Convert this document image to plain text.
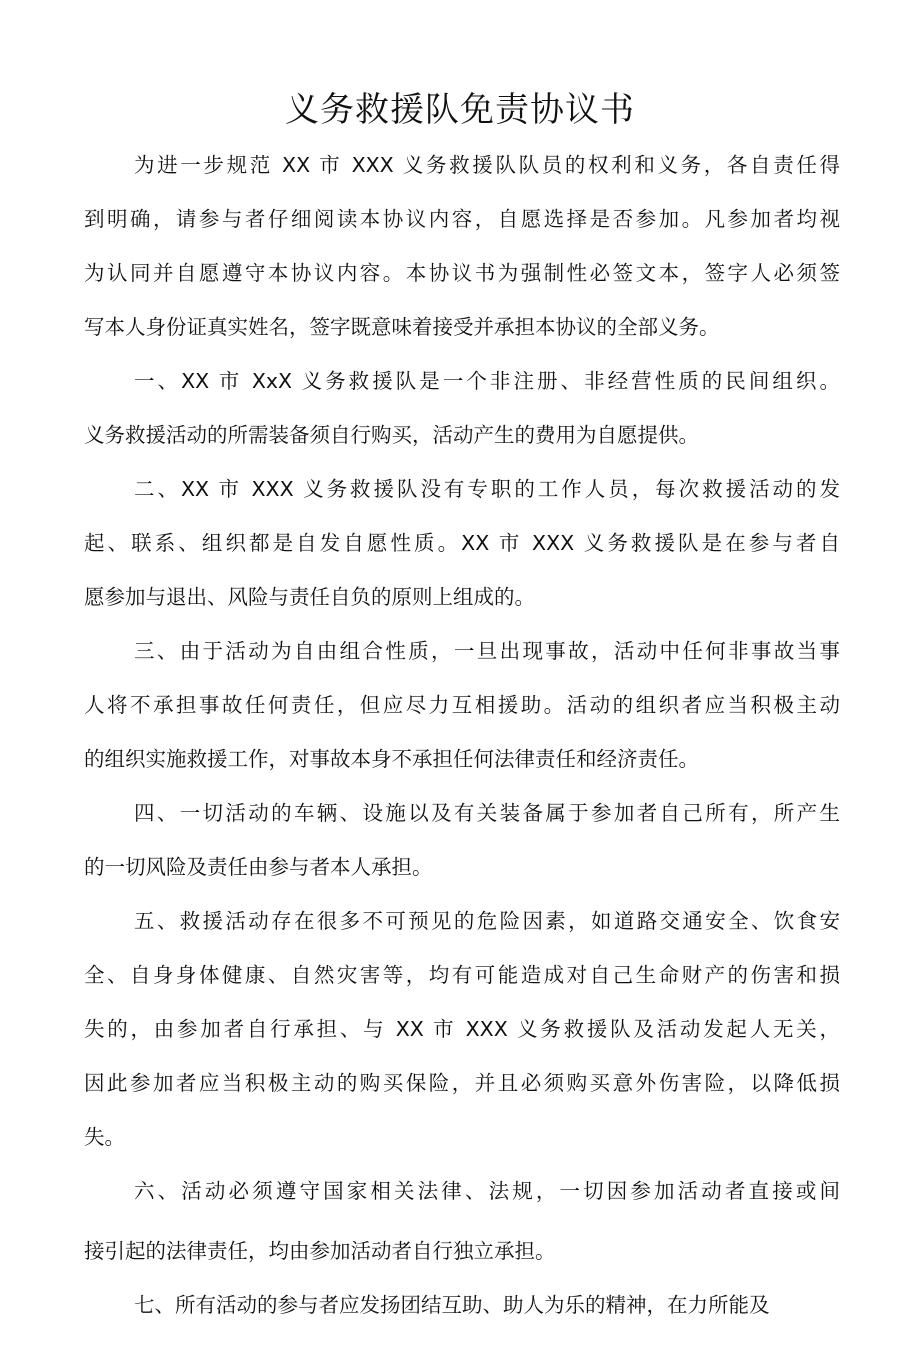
义务救援队免责协议书
为进一步规范 XX 市 XXX 义务救援队队员的权利和义务，各自责任得
到明确，请参与者仔细阅读本协议内容，自愿选择是否参加。凡参加者均视
为认同并自愿遵守本协议内容。本协议书为强制性必签文本，签字人必须签
写本人身份证真实姓名，签字既意味着接受并承担本协议的全部义务。
一、XX 市 XxX 义务救援队是一个非注册、非经营性质的民间组织。
义务救援活动的所需装备须自行购买，活动产生的费用为自愿提供。
二、XX 市 XXX 义务救援队没有专职的工作人员，每次救援活动的发
起、联系、组织都是自发自愿性质。XX 市 XXX 义务救援队是在参与者自
愿参加与退出、风险与责任自负的原则上组成的。
三、由于活动为自由组合性质，一旦出现事故，活动中任何非事故当事
人将不承担事故任何责任，但应尽力互相援助。活动的组织者应当积极主动
的组织实施救援工作，对事故本身不承担任何法律责任和经济责任。
四、一切活动的车辆、设施以及有关装备属于参加者自己所有，所产生
的一切风险及责任由参与者本人承担。
五、救援活动存在很多不可预见的危险因素，如道路交通安全、饮食安
全、自身身体健康、自然灾害等，均有可能造成对自己生命财产的伤害和损
失的，由参加者自行承担、与 XX 市 XXX 义务救援队及活动发起人无关，
因此参加者应当积极主动的购买保险，并且必须购买意外伤害险，以降低损
失。
六、活动必须遵守国家相关法律、法规，一切因参加活动者直接或间
接引起的法律责任，均由参加活动者自行独立承担。
七、所有活动的参与者应发扬团结互助、助人为乐的精神，在力所能及
